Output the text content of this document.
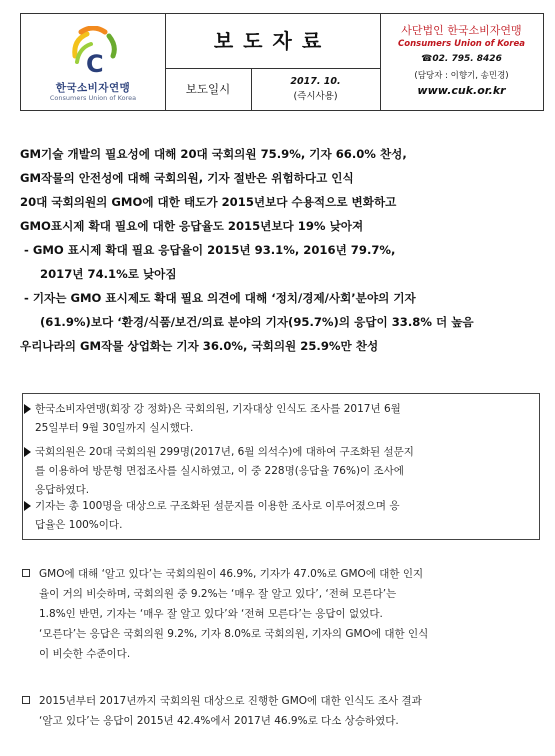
C
한국소비자연맹
Consumers Union of Korea
보도자료
보도일시
2017. 10.
(즉시사용)
사단법인 한국소비자연맹
Consumers Union of Korea
☎02. 795. 8426
(담당자 : 이향기, 송민경)
www.cuk.or.kr
GM기술 개발의 필요성에 대해 20대 국회의원 75.9%, 기자 66.0% 찬성,
GM작물의 안전성에 대해 국회의원, 기자 절반은 위험하다고 인식
20대 국회의원의 GMO에 대한 태도가 2015년보다 수용적으로 변화하고
GMO표시제 확대 필요에 대한 응답율도 2015년보다 19% 낮아져
- GMO 표시제 확대 필요 응답율이 2015년 93.1%, 2016년 79.7%,
2017년 74.1%로 낮아짐
- 기자는 GMO 표시제도 확대 필요 의견에 대해 ‘정치/경제/사회’분야의 기자
(61.9%)보다 ‘환경/식품/보건/의료 분야의 기자(95.7%)의 응답이 33.8% 더 높음
우리나라의 GM작물 상업화는 기자 36.0%, 국회의원 25.9%만 찬성
한국소비자연맹(회장 강 정화)은 국회의원, 기자대상 인식도 조사를 2017년 6월
25일부터 9월 30일까지 실시했다.
국회의원은 20대 국회의원 299명(2017년, 6월 의석수)에 대하여 구조화된 설문지
를 이용하여 방문형 면접조사를 실시하였고, 이 중 228명(응답율 76%)이 조사에
응답하였다.
기자는 총 100명을 대상으로 구조화된 설문지를 이용한 조사로 이루어졌으며 응
답율은 100%이다.
GMO에 대해 ‘알고 있다’는 국회의원이 46.9%, 기자가 47.0%로 GMO에 대한 인지
율이 거의 비슷하며, 국회의원 중 9.2%는 ‘매우 잘 알고 있다’, ‘전혀 모른다’는
1.8%인 반면, 기자는 ‘매우 잘 알고 있다’와 ‘전혀 모른다’는 응답이 없었다.
‘모른다’는 응답은 국회의원 9.2%, 기자 8.0%로 국회의원, 기자의 GMO에 대한 인식
이 비슷한 수준이다.
2015년부터 2017년까지 국회의원 대상으로 진행한 GMO에 대한 인식도 조사 결과
‘알고 있다’는 응답이 2015년 42.4%에서 2017년 46.9%로 다소 상승하였다.
